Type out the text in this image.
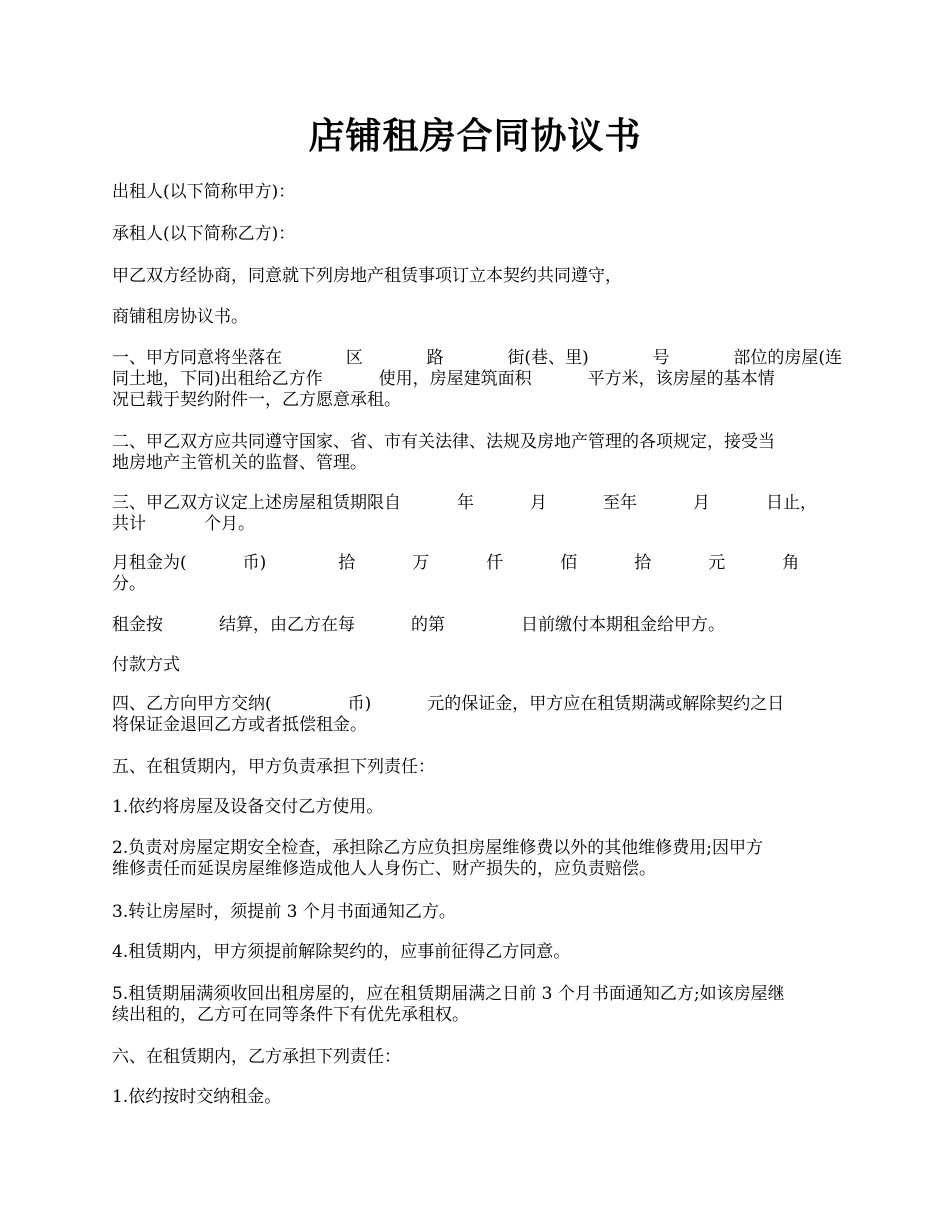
店铺租房合同协议书
出租人(以下简称甲方)：
承租人(以下简称乙方)：
甲乙双方经协商，同意就下列房地产租赁事项订立本契约共同遵守，
商铺租房协议书。
一、甲方同意将坐落在	区	路	街(巷、里)	号	部位的房屋(连
同土地，下同)出租给乙方作	使用，房屋建筑面积	平方米，该房屋的基本情
况已载于契约附件一，乙方愿意承租。
二、甲乙双方应共同遵守国家、省、市有关法律、法规及房地产管理的各项规定，接受当
地房地产主管机关的监督、管理。
三、甲乙双方议定上述房屋租赁期限自	年	月	至年	月	日止，
共计	个月。
月租金为(	币)	拾	万	仟	佰	拾	元	角
分。
租金按	结算，由乙方在每	的第	日前缴付本期租金给甲方。
付款方式
四、乙方向甲方交纳(	币)	元的保证金，甲方应在租赁期满或解除契约之日
将保证金退回乙方或者抵偿租金。
五、在租赁期内，甲方负责承担下列责任：
1.依约将房屋及设备交付乙方使用。
2.负责对房屋定期安全检查，承担除乙方应负担房屋维修费以外的其他维修费用;因甲方
维修责任而延误房屋维修造成他人人身伤亡、财产损失的，应负责赔偿。
3.转让房屋时，须提前 3 个月书面通知乙方。
4.租赁期内，甲方须提前解除契约的，应事前征得乙方同意。
5.租赁期届满须收回出租房屋的，应在租赁期届满之日前 3 个月书面通知乙方;如该房屋继
续出租的，乙方可在同等条件下有优先承租权。
六、在租赁期内，乙方承担下列责任：
1.依约按时交纳租金。
